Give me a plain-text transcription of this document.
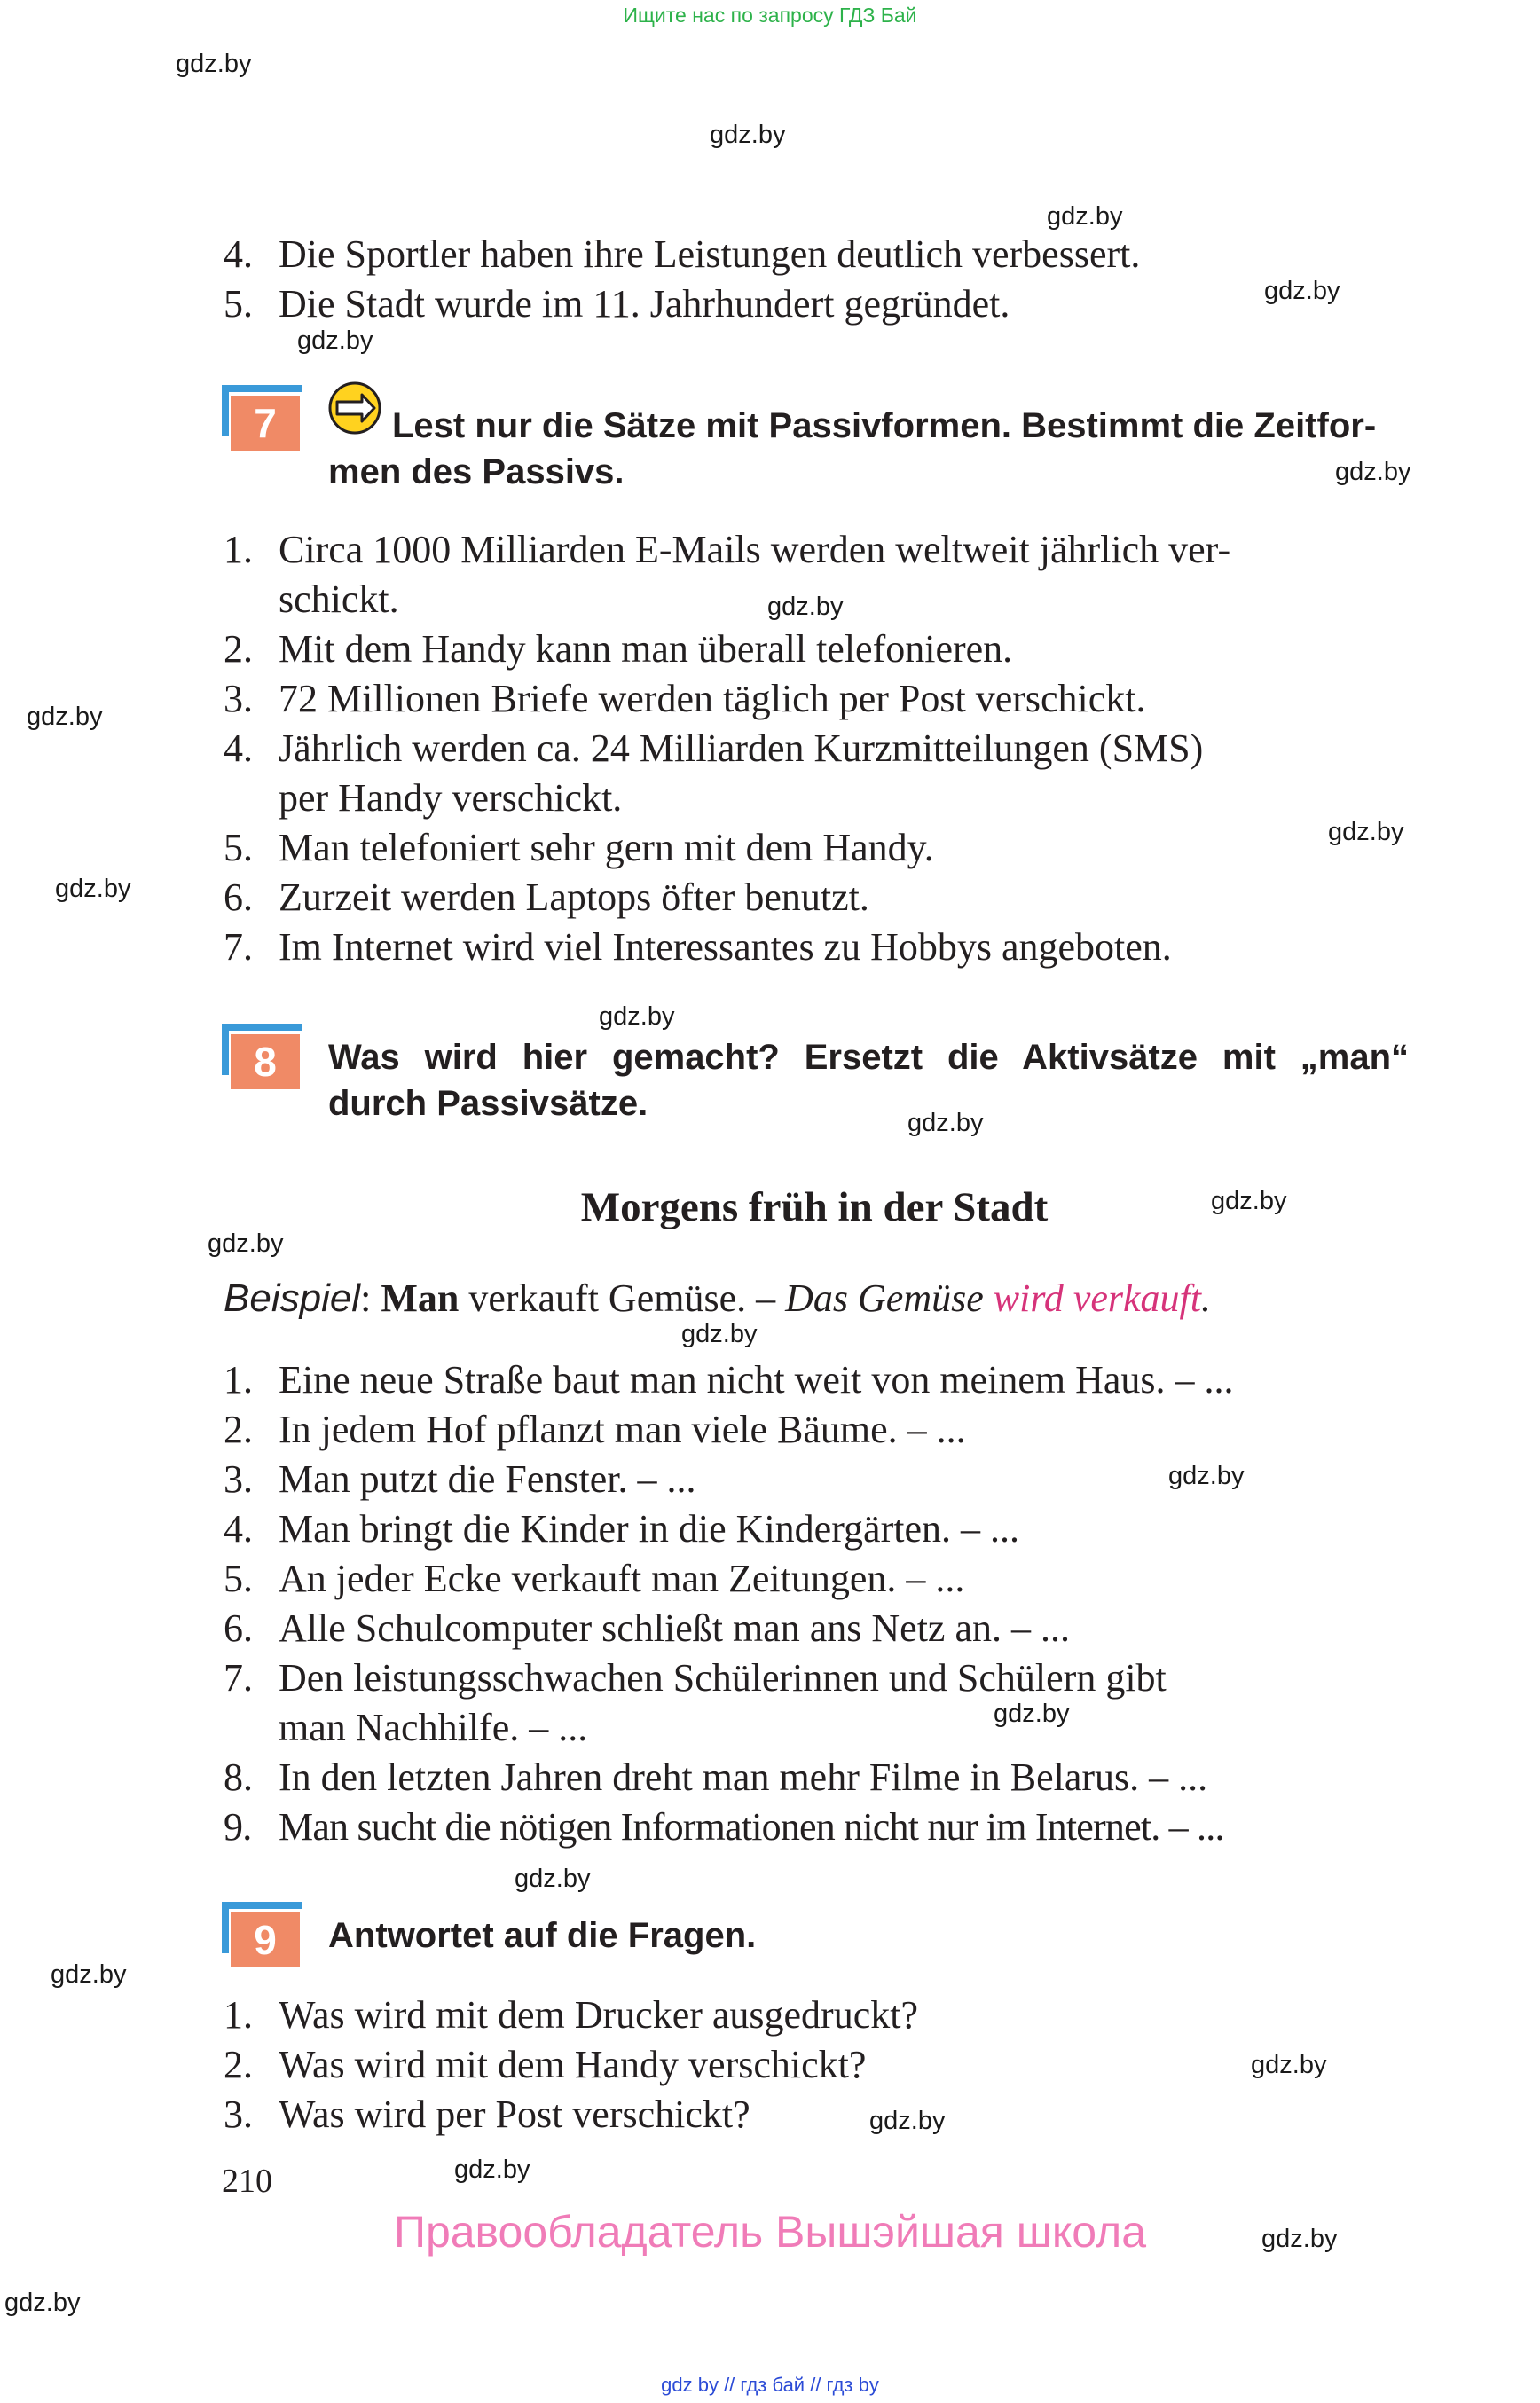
Ищите нас по запросу ГДЗ Бай
gdz.by
gdz.by
gdz.by
gdz.by
gdz.by
gdz.by
gdz.by
gdz.by
gdz.by
gdz.by
gdz.by
gdz.by
gdz.by
gdz.by
gdz.by
gdz.by
gdz.by
gdz.by
gdz.by
gdz.by
gdz.by
gdz.by
gdz.by
gdz.by
4. Die Sportler haben ihre Leistungen deutlich verbessert.
5. Die Stadt wurde im 11. Jahrhundert gegründet.
7	Lest nur die Sätze mit Passivformen. Bestimmt die Zeitfor-
men des Passivs.
1. Circa 1000 Milliarden E-Mails werden weltweit jährlich ver-
schickt.
2. Mit dem Handy kann man überall telefonieren.
3. 72 Millionen Briefe werden täglich per Post verschickt.
4. Jährlich werden ca. 24 Milliarden Kurzmitteilungen (SMS)
per Handy verschickt.
5. Man telefoniert sehr gern mit dem Handy.
6. Zurzeit werden Laptops öfter benutzt.
7. Im Internet wird viel Interessantes zu Hobbys angeboten.
8	Was wird hier gemacht? Ersetzt die Aktivsätze mit „man“
durch Passivsätze.
Morgens früh in der Stadt
Beispiel: Man verkauft Gemüse. – Das Gemüse wird verkauft.
1. Eine neue Straße baut man nicht weit von meinem Haus. – ...
2. In jedem Hof pflanzt man viele Bäume. – ...
3. Man putzt die Fenster. – ...
4. Man bringt die Kinder in die Kindergärten. – ...
5. An jeder Ecke verkauft man Zeitungen. – ...
6. Alle Schulcomputer schließt man ans Netz an. – ...
7. Den leistungsschwachen Schülerinnen und Schülern gibt
man Nachhilfe. – ...
8. In den letzten Jahren dreht man mehr Filme in Belarus. – ...
9. Man sucht die nötigen Informationen nicht nur im Internet. – ...
9	Antwortet auf die Fragen.
1. Was wird mit dem Drucker ausgedruckt?
2. Was wird mit dem Handy verschickt?
3. Was wird per Post verschickt?
210
Правообладатель Вышэйшая школа
gdz by // гдз бай // гдз by
